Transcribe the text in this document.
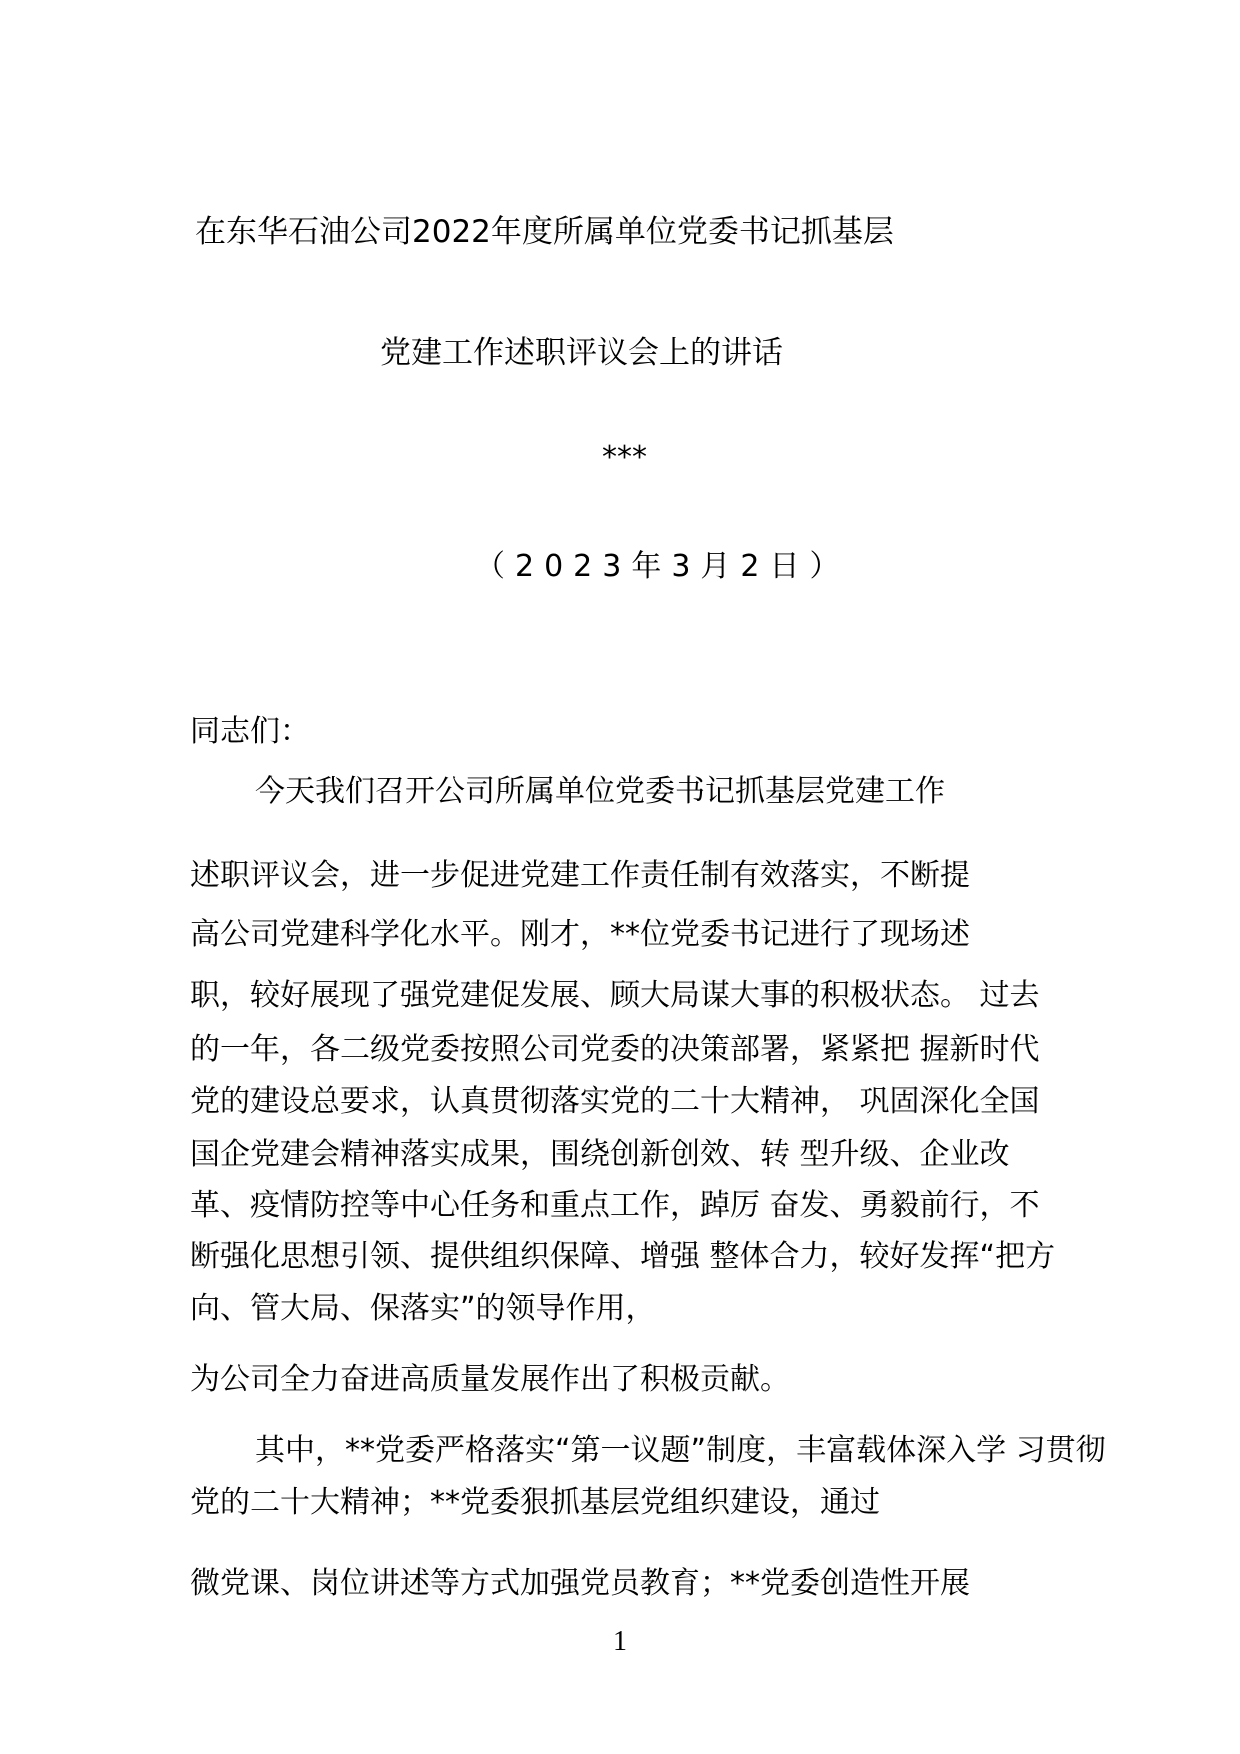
在东华石油公司2022年度所属单位党委书记抓基层
党建工作述职评议会上的讲话
***
（2023年3月2日）
同志们：
今天我们召开公司所属单位党委书记抓基层党建工作
述职评议会，进一步促进党建工作责任制有效落实，不断提
高公司党建科学化水平。刚才，**位党委书记进行了现场述
职，较好展现了强党建促发展、顾大局谋大事的积极状态。 过去
的一年，各二级党委按照公司党委的决策部署，紧紧把 握新时代
党的建设总要求，认真贯彻落实党的二十大精神， 巩固深化全国
国企党建会精神落实成果，围绕创新创效、转 型升级、企业改
革、疫情防控等中心任务和重点工作，踔厉 奋发、勇毅前行，不
断强化思想引领、提供组织保障、增强 整体合力，较好发挥“把方
向、管大局、保落实”的领导作用，
为公司全力奋进高质量发展作出了积极贡献。
其中，**党委严格落实“第一议题”制度，丰富载体深入学 习贯彻
党的二十大精神；**党委狠抓基层党组织建设，通过
微党课、岗位讲述等方式加强党员教育；**党委创造性开展
1
